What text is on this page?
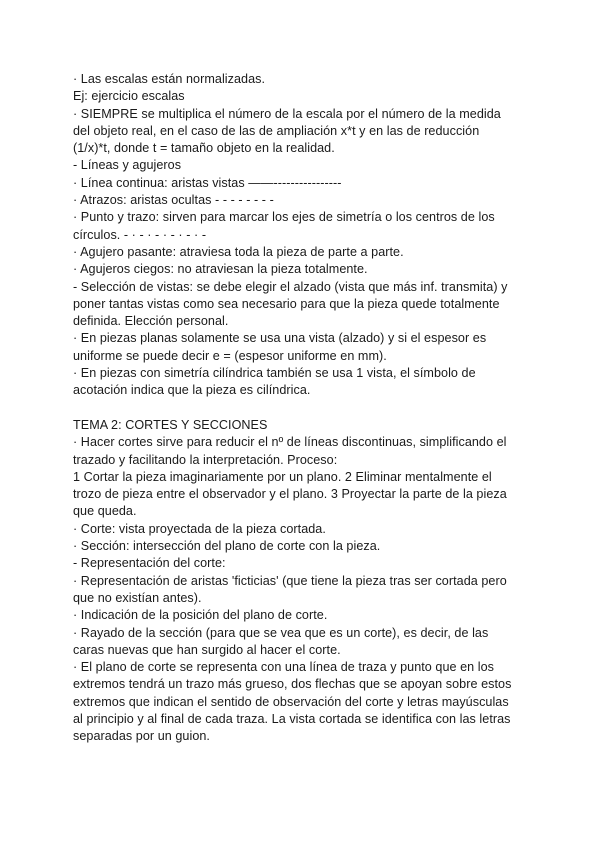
· Las escalas están normalizadas.
Ej: ejercicio escalas
· SIEMPRE se multiplica el número de la escala por el número de la medida
del objeto real, en el caso de las de ampliación x*t y en las de reducción
(1/x)*t, donde t = tamaño objeto en la realidad.
- Líneas y agujeros
· Línea continua: aristas vistas ——----------------
· Atrazos: aristas ocultas - - - - - - - -
· Punto y trazo: sirven para marcar los ejes de simetría o los centros de los
círculos. - · - · - · - · - · -
· Agujero pasante: atraviesa toda la pieza de parte a parte.
· Agujeros ciegos: no atraviesan la pieza totalmente.
- Selección de vistas: se debe elegir el alzado (vista que más inf. transmita) y
poner tantas vistas como sea necesario para que la pieza quede totalmente
definida. Elección personal.
· En piezas planas solamente se usa una vista (alzado) y si el espesor es
uniforme se puede decir e = (espesor uniforme en mm).
· En piezas con simetría cilíndrica también se usa 1 vista, el símbolo de
acotación indica que la pieza es cilíndrica.
TEMA 2: CORTES Y SECCIONES
· Hacer cortes sirve para reducir el nº de líneas discontinuas, simplificando el
trazado y facilitando la interpretación. Proceso:
1 Cortar la pieza imaginariamente por un plano. 2 Eliminar mentalmente el
trozo de pieza entre el observador y el plano. 3 Proyectar la parte de la pieza
que queda.
· Corte: vista proyectada de la pieza cortada.
· Sección: intersección del plano de corte con la pieza.
- Representación del corte:
· Representación de aristas 'ficticias' (que tiene la pieza tras ser cortada pero
que no existían antes).
· Indicación de la posición del plano de corte.
· Rayado de la sección (para que se vea que es un corte), es decir, de las
caras nuevas que han surgido al hacer el corte.
· El plano de corte se representa con una línea de traza y punto que en los
extremos tendrá un trazo más grueso, dos flechas que se apoyan sobre estos
extremos que indican el sentido de observación del corte y letras mayúsculas
al principio y al final de cada traza. La vista cortada se identifica con las letras
separadas por un guion.
